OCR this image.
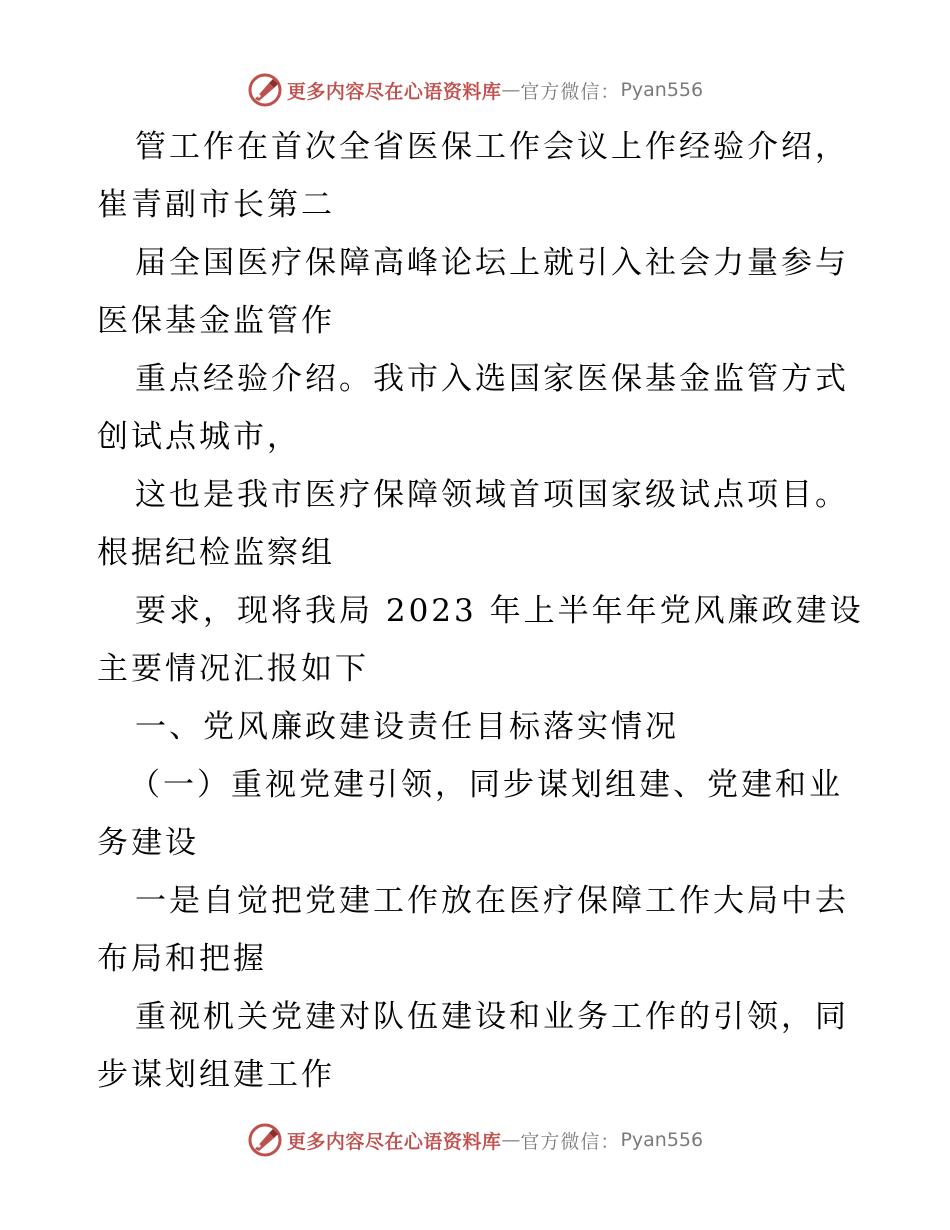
更多内容尽在心语资料库 — 官方微信： Pyan556
管工作在首次全省医保工作会议上作经验介绍，
崔青副市长第二
届全国医疗保障高峰论坛上就引入社会力量参与
医保基金监管作
重点经验介绍。我市入选国家医保基金监管方式
创试点城市，
这也是我市医疗保障领域首项国家级试点项目。
根据纪检监察组
要求，现将我局 2023 年上半年年党风廉政建设
主要情况汇报如下
一、党风廉政建设责任目标落实情况
（一）重视党建引领，同步谋划组建、党建和业
务建设
一是自觉把党建工作放在医疗保障工作大局中去
布局和把握
重视机关党建对队伍建设和业务工作的引领，同
步谋划组建工作
更多内容尽在心语资料库 — 官方微信： Pyan556
